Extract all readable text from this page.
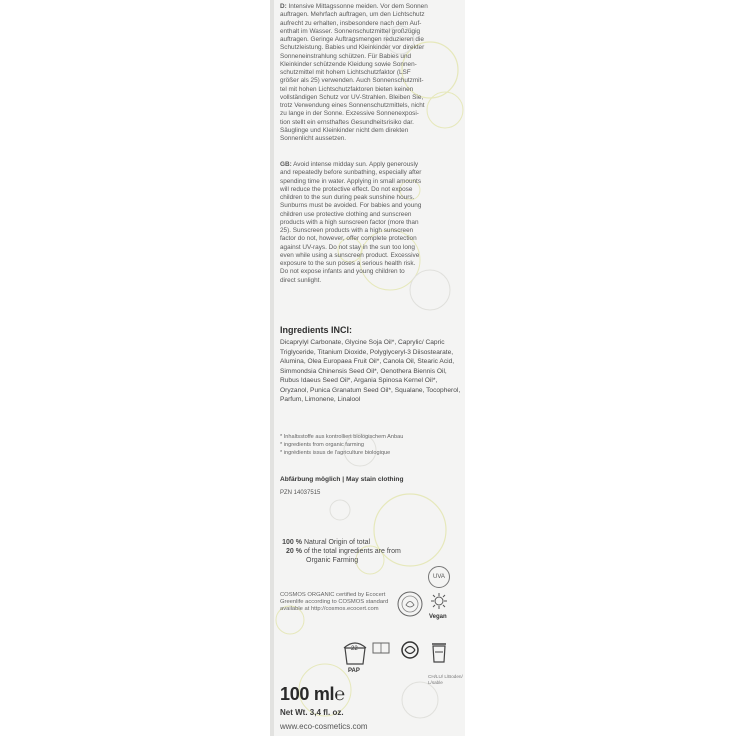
D: Intensive Mittagssonne meiden. Vor dem Sonnen
auftragen. Mehrfach auftragen, um den Lichtschutz
aufrecht zu erhalten, insbesondere nach dem Auf-
enthalt im Wasser. Sonnenschutzmittel großzügig
auftragen. Geringe Auftragsmengen reduzieren die
Schutzleistung. Babies und Kleinkinder vor direkter
Sonneneinstrahlung schützen. Für Babies und
Kleinkinder schützende Kleidung sowie Sonnen-
schutzmittel mit hohem Lichtschutzfaktor (LSF
größer als 25) verwenden. Auch Sonnenschutzmit-
tel mit hohen Lichtschutzfaktoren bieten keinen
vollständigen Schutz vor UV-Strahlen. Bleiben Sie,
trotz Verwendung eines Sonnenschutzmittels, nicht
zu lange in der Sonne. Exzessive Sonnenexposi-
tion stellt ein ernsthaftes Gesundheitsrisiko dar.
Säuglinge und Kleinkinder nicht dem direkten
Sonnenlicht aussetzen.
GB: Avoid intense midday sun. Apply generously
and repeatedly before sunbathing, especially after
spending time in water. Applying in small amounts
will reduce the protective effect. Do not expose
children to the sun during peak sunshine hours.
Sunburns must be avoided. For babies and young
children use protective clothing and sunscreen
products with a high sunscreen factor (more than
25). Sunscreen products with a high sunscreen
factor do not, however, offer complete protection
against UV-rays. Do not stay in the sun too long
even while using a sunscreen product. Excessive
exposure to the sun poses a serious health risk.
Do not expose infants and young children to
direct sunlight.
Ingredients INCI:
Dicaprylyl Carbonate, Glycine Soja Oil*, Caprylic/ Capric Triglyceride, Titanium Dioxide, Polyglyceryl-3 Diisostearate, Alumina, Olea Europaea Fruit Oil*, Canola Oil, Stearic Acid, Simmondsia Chinensis Seed Oil*, Oenothera Biennis Oil, Rubus Idaeus Seed Oil*, Argania Spinosa Kernel Oil*, Oryzanol, Punica Granatum Seed Oil*, Squalane, Tocopherol, Parfum, Limonene, Linalool
* Inhaltsstoffe aus kontrolliert biologischem Anbau
* ingredients from organic farming
* ingrédients issus de l'agriculture biologique
Abfärbung möglich | May stain clothing
PZN 14037515
100 % Natural Origin of total
20 % of the total ingredients are from
Organic Farming
UVA
COSMOS ORGANIC certified by Ecocert Greenlife according to COSMOS standard available at http://cosmos.ecocert.com
Vegan
22
PAP
CH/LU/ L/Boden/ L/sable
100 ml℮
Net Wt. 3,4 fl. oz.
www.eco-cosmetics.com
